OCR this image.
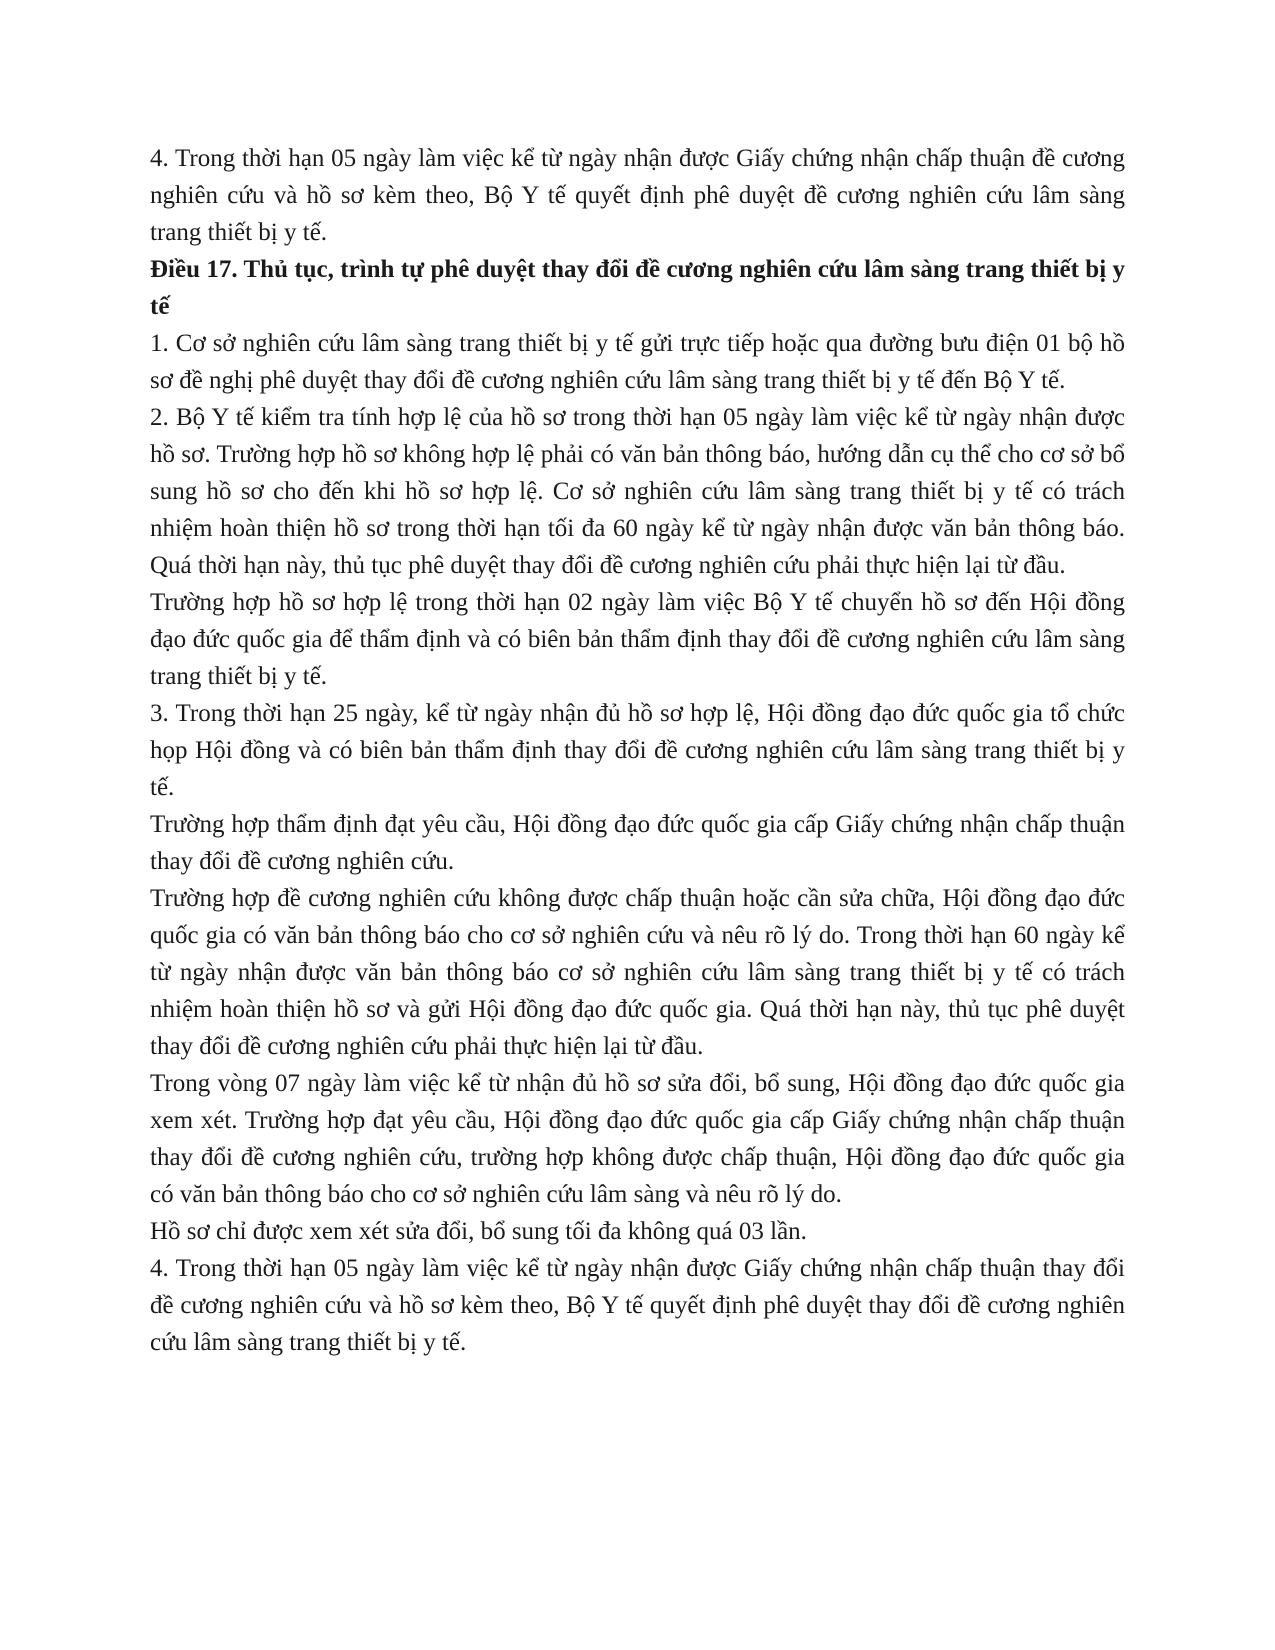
4. Trong thời hạn 05 ngày làm việc kể từ ngày nhận được Giấy chứng nhận chấp thuận đề cương nghiên cứu và hồ sơ kèm theo, Bộ Y tế quyết định phê duyệt đề cương nghiên cứu lâm sàng trang thiết bị y tế.

Điều 17. Thủ tục, trình tự phê duyệt thay đổi đề cương nghiên cứu lâm sàng trang thiết bị y tế

1. Cơ sở nghiên cứu lâm sàng trang thiết bị y tế gửi trực tiếp hoặc qua đường bưu điện 01 bộ hồ sơ đề nghị phê duyệt thay đổi đề cương nghiên cứu lâm sàng trang thiết bị y tế đến Bộ Y tế.

2. Bộ Y tế kiểm tra tính hợp lệ của hồ sơ trong thời hạn 05 ngày làm việc kể từ ngày nhận được hồ sơ. Trường hợp hồ sơ không hợp lệ phải có văn bản thông báo, hướng dẫn cụ thể cho cơ sở bổ sung hồ sơ cho đến khi hồ sơ hợp lệ. Cơ sở nghiên cứu lâm sàng trang thiết bị y tế có trách nhiệm hoàn thiện hồ sơ trong thời hạn tối đa 60 ngày kể từ ngày nhận được văn bản thông báo. Quá thời hạn này, thủ tục phê duyệt thay đổi đề cương nghiên cứu phải thực hiện lại từ đầu.

Trường hợp hồ sơ hợp lệ trong thời hạn 02 ngày làm việc Bộ Y tế chuyển hồ sơ đến Hội đồng đạo đức quốc gia để thẩm định và có biên bản thẩm định thay đổi đề cương nghiên cứu lâm sàng trang thiết bị y tế.

3. Trong thời hạn 25 ngày, kể từ ngày nhận đủ hồ sơ hợp lệ, Hội đồng đạo đức quốc gia tổ chức họp Hội đồng và có biên bản thẩm định thay đổi đề cương nghiên cứu lâm sàng trang thiết bị y tế.

Trường hợp thẩm định đạt yêu cầu, Hội đồng đạo đức quốc gia cấp Giấy chứng nhận chấp thuận thay đổi đề cương nghiên cứu.

Trường hợp đề cương nghiên cứu không được chấp thuận hoặc cần sửa chữa, Hội đồng đạo đức quốc gia có văn bản thông báo cho cơ sở nghiên cứu và nêu rõ lý do. Trong thời hạn 60 ngày kể từ ngày nhận được văn bản thông báo cơ sở nghiên cứu lâm sàng trang thiết bị y tế có trách nhiệm hoàn thiện hồ sơ và gửi Hội đồng đạo đức quốc gia. Quá thời hạn này, thủ tục phê duyệt thay đổi đề cương nghiên cứu phải thực hiện lại từ đầu.

Trong vòng 07 ngày làm việc kể từ nhận đủ hồ sơ sửa đổi, bổ sung, Hội đồng đạo đức quốc gia xem xét. Trường hợp đạt yêu cầu, Hội đồng đạo đức quốc gia cấp Giấy chứng nhận chấp thuận thay đổi đề cương nghiên cứu, trường hợp không được chấp thuận, Hội đồng đạo đức quốc gia có văn bản thông báo cho cơ sở nghiên cứu lâm sàng và nêu rõ lý do.

Hồ sơ chỉ được xem xét sửa đổi, bổ sung tối đa không quá 03 lần.

4. Trong thời hạn 05 ngày làm việc kể từ ngày nhận được Giấy chứng nhận chấp thuận thay đổi đề cương nghiên cứu và hồ sơ kèm theo, Bộ Y tế quyết định phê duyệt thay đổi đề cương nghiên cứu lâm sàng trang thiết bị y tế.
